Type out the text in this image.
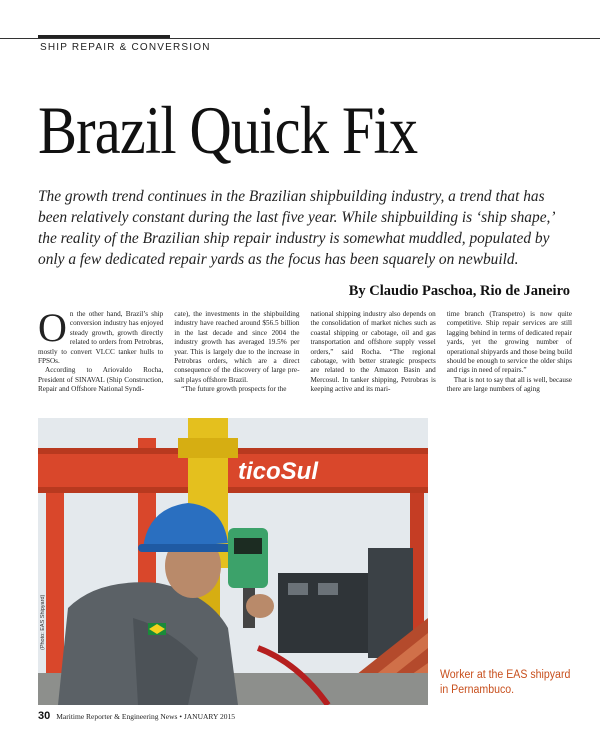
SHIP REPAIR & CONVERSION
Brazil Quick Fix

The growth trend continues in the Brazilian shipbuilding industry, a trend that has been relatively constant during the last five year. While shipbuilding is ‘ship shape,’ the reality of the Brazilian ship repair industry is somewhat muddled, populated by only a few dedicated repair yards as the focus has been squarely on newbuild.

By Claudio Paschoa, Rio de Janeiro

On the other hand, Brazil’s ship conversion industry has enjoyed steady growth, growth directly related to orders from Petrobras, mostly to convert VLCC tanker hulls to FPSOs.

According to Ariovaldo Rocha, President of SINAVAL (Ship Construction, Repair and Offshore National Syndi-

cate), the investments in the shipbuilding industry have reached around $56.5 billion in the last decade and since 2004 the industry growth has averaged 19.5% per year. This is largely due to the increase in Petrobras orders, which are a direct consequence of the discovery of large pre-salt plays offshore Brazil.

“The future growth prospects for the

national shipping industry also depends on the consolidation of market niches such as coastal shipping or cabotage, oil and gas transportation and offshore supply vessel orders,” said Rocha. “The regional cabotage, with better strategic prospects are related to the Amazon Basin and Mercosul. In tanker shipping, Petrobras is keeping active and its mari-

time branch (Transpetro) is now quite competitive. Ship repair services are still lagging behind in terms of dedicated repair yards, yet the growing number of operational shipyards and those being build should be enough to service the older ships and rigs in need of repairs.”

That is not to say that all is well, because there are large numbers of aging

ticoSul
(Photo: EAS Shipyard)
Worker at the EAS shipyard in Pernambuco.
30 Maritime Reporter & Engineering News • JANUARY 2015
